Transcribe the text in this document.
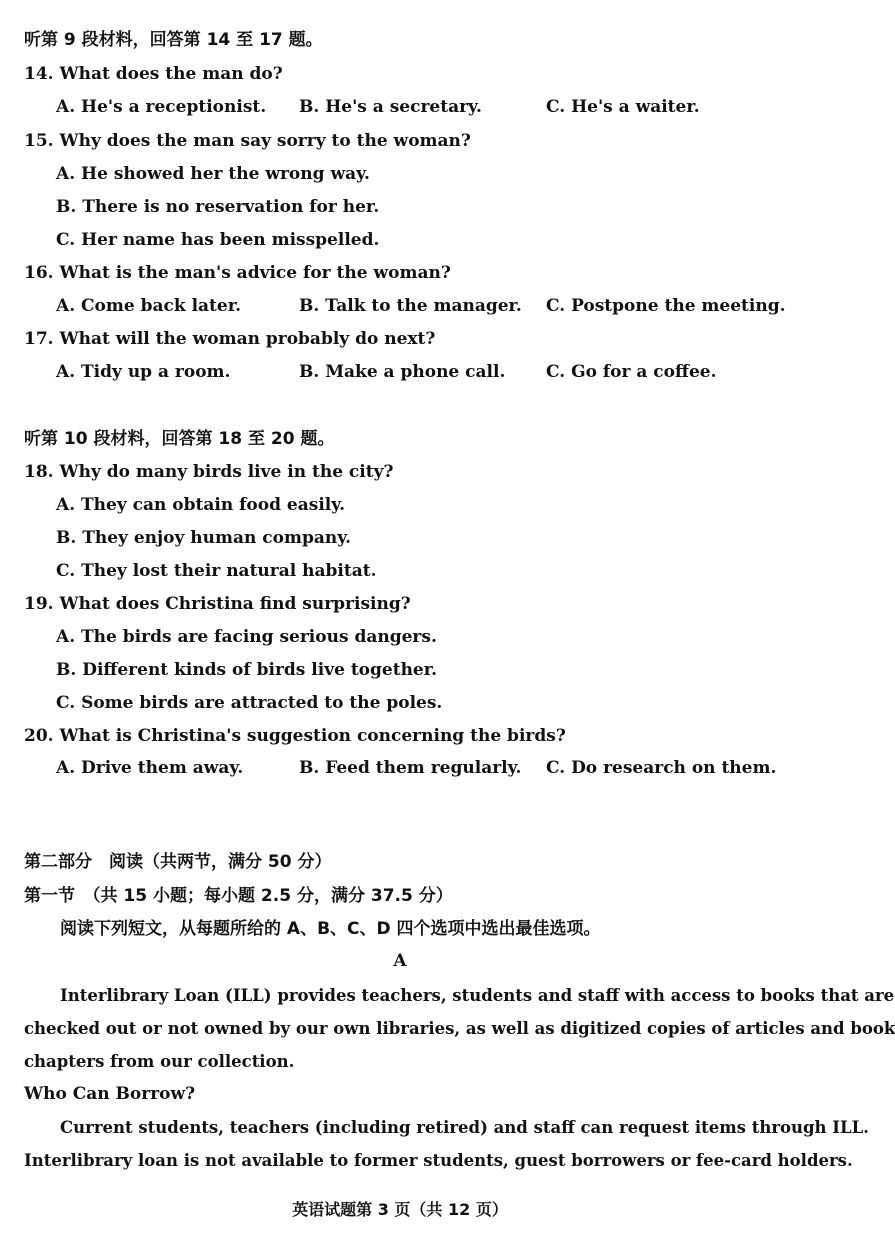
听第 9 段材料，回答第 14 至 17 题。
14. What does the man do?
A. He's a receptionist. B. He's a secretary.	C. He's a waiter.
15. Why does the man say sorry to the woman?
A. He showed her the wrong way.
B. There is no reservation for her.
C. Her name has been misspelled.
16. What is the man's advice for the woman?
A. Come back later.	B. Talk to the manager. C. Postpone the meeting.
17. What will the woman probably do next?
A. Tidy up a room.	B. Make a phone call. C. Go for a coffee.
听第 10 段材料，回答第 18 至 20 题。
18. Why do many birds live in the city?
A. They can obtain food easily.
B. They enjoy human company.
C. They lost their natural habitat.
19. What does Christina find surprising?
A. The birds are facing serious dangers.
B. Different kinds of birds live together.
C. Some birds are attracted to the poles.
20. What is Christina's suggestion concerning the birds?
A. Drive them away.	B. Feed them regularly. C. Do research on them.
第二部分　阅读（共两节，满分 50 分）
第一节　（共 15 小题；每小题 2.5 分，满分 37.5 分）
阅读下列短文，从每题所给的 A、B、C、D 四个选项中选出最佳选项。
A
Interlibrary Loan (ILL) provides teachers, students and staff with access to books that are
checked out or not owned by our own libraries, as well as digitized copies of articles and book
chapters from our collection.
Who Can Borrow?
Current students, teachers (including retired) and staff can request items through ILL.
Interlibrary loan is not available to former students, guest borrowers or fee-card holders.
英语试题第 3 页（共 12 页）
